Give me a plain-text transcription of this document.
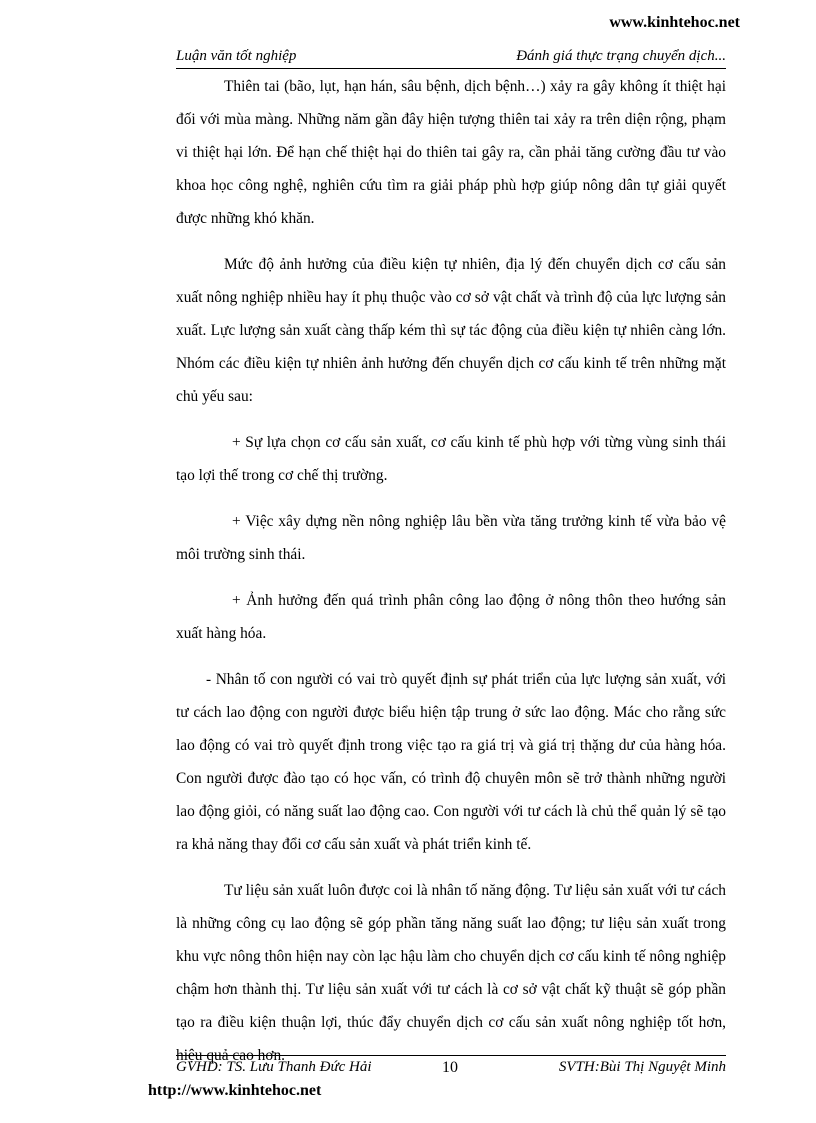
www.kinhtehoc.net
Luận văn tốt nghiệp	Đánh giá thực trạng chuyển dịch...

Thiên tai (bão, lụt, hạn hán, sâu bệnh, dịch bệnh…) xảy ra gây không ít thiệt hại đối với mùa màng. Những năm gần đây hiện tượng thiên tai xảy ra trên diện rộng, phạm vi thiệt hại lớn. Để hạn chế thiệt hại do thiên tai gây ra, cần phải tăng cường đầu tư vào khoa học công nghệ, nghiên cứu tìm ra giải pháp phù hợp giúp nông dân tự giải quyết được những khó khăn.

Mức độ ảnh hưởng của điều kiện tự nhiên, địa lý đến chuyển dịch cơ cấu sản xuất nông nghiệp nhiều hay ít phụ thuộc vào cơ sở vật chất và trình độ của lực lượng sản xuất. Lực lượng sản xuất càng thấp kém thì sự tác động của điều kiện tự nhiên càng lớn. Nhóm các điều kiện tự nhiên ảnh hưởng đến chuyển dịch cơ cấu kinh tế trên những mặt chủ yếu sau:

+ Sự lựa chọn cơ cấu sản xuất, cơ cấu kinh tế phù hợp với từng vùng sinh thái tạo lợi thế trong cơ chế thị trường.

+ Việc xây dựng nền nông nghiệp lâu bền vừa tăng trưởng kinh tế vừa bảo vệ môi trường sinh thái.

+ Ảnh hưởng đến quá trình phân công lao động ở nông thôn theo hướng sản xuất hàng hóa.

- Nhân tố con người có vai trò quyết định sự phát triển của lực lượng sản xuất, với tư cách lao động con người được biểu hiện tập trung ở sức lao động. Mác cho rằng sức lao động có vai trò quyết định trong việc tạo ra giá trị và giá trị thặng dư của hàng hóa. Con người được đào tạo có học vấn, có trình độ chuyên môn sẽ trở thành những người lao động giỏi, có năng suất lao động cao. Con người với tư cách là chủ thể quản lý sẽ tạo ra khả năng thay đổi cơ cấu sản xuất và phát triển kinh tế.

Tư liệu sản xuất luôn được coi là nhân tố năng động. Tư liệu sản xuất với tư cách là những công cụ lao động sẽ góp phần tăng năng suất lao động; tư liệu sản xuất trong khu vực nông thôn hiện nay còn lạc hậu làm cho chuyển dịch cơ cấu kinh tế nông nghiệp chậm hơn thành thị. Tư liệu sản xuất với tư cách là cơ sở vật chất kỹ thuật sẽ góp phần tạo ra điều kiện thuận lợi, thúc đẩy chuyển dịch cơ cấu sản xuất nông nghiệp tốt hơn, hiệu quả cao hơn.

GVHD: TS. Lưu Thanh Đức Hải	10	SVTH:Bùi Thị Nguyệt Minh
http://www.kinhtehoc.net
